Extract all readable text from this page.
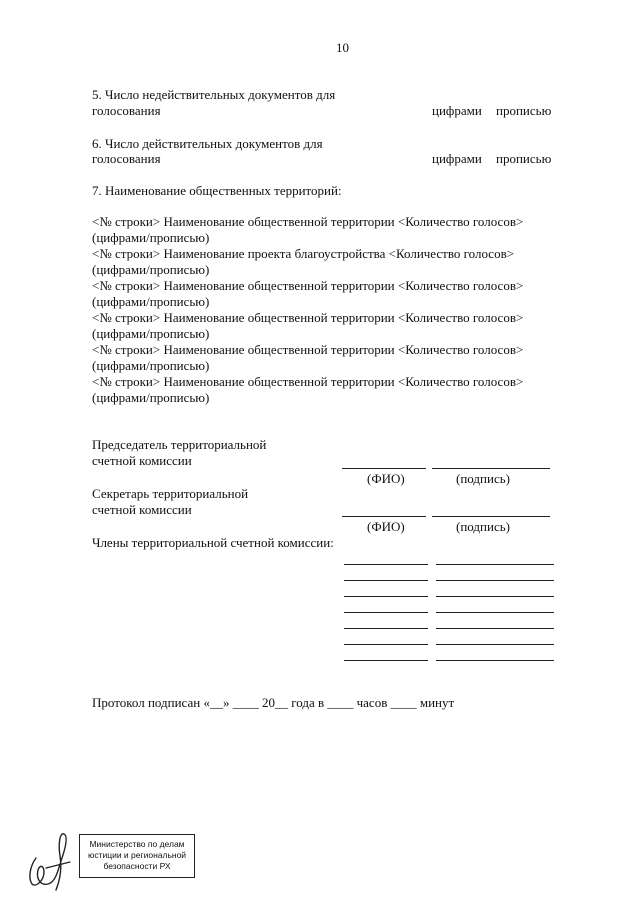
10
5. Число недействительных документов для
голосования	цифрами прописью
6. Число действительных документов для
голосования	цифрами прописью
7. Наименование общественных территорий:
<№ строки> Наименование общественной территории <Количество голосов>
(цифрами/прописью)
<№ строки> Наименование проекта благоустройства <Количество голосов>
(цифрами/прописью)
<№ строки> Наименование общественной территории <Количество голосов>
(цифрами/прописью)
<№ строки> Наименование общественной территории <Количество голосов>
(цифрами/прописью)
<№ строки> Наименование общественной территории <Количество голосов>
(цифрами/прописью)
<№ строки> Наименование общественной территории <Количество голосов>
(цифрами/прописью)
Председатель территориальной
счетной комиссии
(ФИО)	(подпись)
Секретарь территориальной
счетной комиссии
(ФИО)	(подпись)
Члены территориальной счетной комиссии:
Протокол подписан «__» ____ 20__ года в ____ часов ____ минут
Министерство по делам
юстиции и региональной
безопасности РХ
